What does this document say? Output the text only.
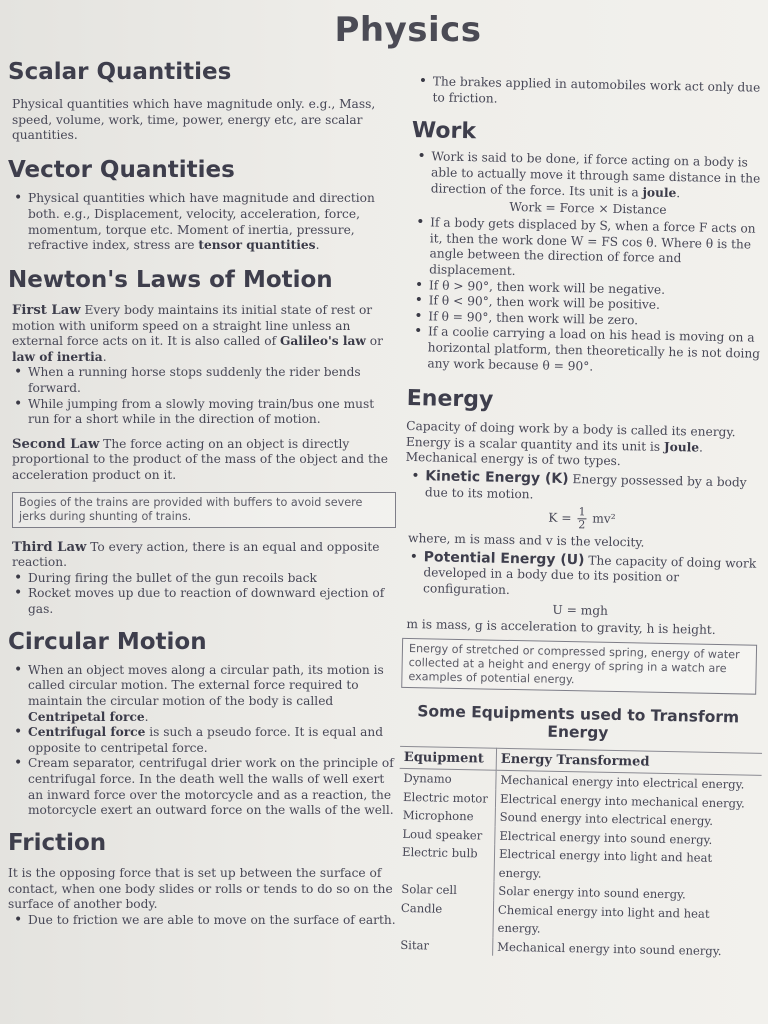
Physics
Scalar Quantities

Physical quantities which have magnitude only. e.g., Mass, speed, volume, work, time, power, energy etc, are scalar quantities.

Vector Quantities
• Physical quantities which have magnitude and direction both. e.g., Displacement, velocity, acceleration, force, momentum, torque etc. Moment of inertia, pressure, refractive index, stress are tensor quantities.
Newton's Laws of Motion

First Law Every body maintains its initial state of rest or motion with uniform speed on a straight line unless an external force acts on it. It is also called of Galileo's law or law of inertia.

• When a running horse stops suddenly the rider bends forward.
• While jumping from a slowly moving train/bus one must run for a short while in the direction of motion.

Second Law The force acting on an object is directly proportional to the product of the mass of the object and the acceleration product on it.

Bogies of the trains are provided with buffers to avoid severe jerks during shunting of trains.

Third Law To every action, there is an equal and opposite reaction.

• During firing the bullet of the gun recoils back
• Rocket moves up due to reaction of downward ejection of gas.
Circular Motion
• When an object moves along a circular path, its motion is called circular motion. The external force required to maintain the circular motion of the body is called Centripetal force.
• Centrifugal force is such a pseudo force. It is equal and opposite to centripetal force.
• Cream separator, centrifugal drier work on the principle of centrifugal force. In the death well the walls of well exert an inward force over the motorcycle and as a reaction, the motorcycle exert an outward force on the walls of the well.
Friction

It is the opposing force that is set up between the surface of contact, when one body slides or rolls or tends to do so on the surface of another body.

• Due to friction we are able to move on the surface of earth.
• The brakes applied in automobiles work act only due to friction.
Work
• Work is said to be done, if force acting on a body is able to actually move it through same distance in the direction of the force. Its unit is a joule.
Work = Force × Distance
• If a body gets displaced by S, when a force F acts on it, then the work done W = FS cos θ. Where θ is the angle between the direction of force and displacement.
• If θ > 90°, then work will be negative.
• If θ < 90°, then work will be positive.
• If θ = 90°, then work will be zero.
• If a coolie carrying a load on his head is moving on a horizontal platform, then theoretically he is not doing any work because θ = 90°.
Energy

Capacity of doing work by a body is called its energy. Energy is a scalar quantity and its unit is Joule. Mechanical energy is of two types.

• Kinetic Energy (K) Energy possessed by a body due to its motion.
$K = \frac{1}{2} mv^2$

where, m is mass and v is the velocity.

• Potential Energy (U) The capacity of doing work developed in a body due to its position or configuration.
U = mgh

m is mass, g is acceleration to gravity, h is height.

Energy of stretched or compressed spring, energy of water collected at a height and energy of spring in a watch are examples of potential energy.
Some Equipments used to Transform Energy
Equipment	Energy Transformed
Dynamo	Mechanical energy into electrical energy.
Electric motor	Electrical energy into mechanical energy.
Microphone	Sound energy into electrical energy.
Loud speaker	Electrical energy into sound energy.
Electric bulb	Electrical energy into light and heat energy.
Solar cell	Solar energy into sound energy.
Candle	Chemical energy into light and heat energy.
Sitar	Mechanical energy into sound energy.
